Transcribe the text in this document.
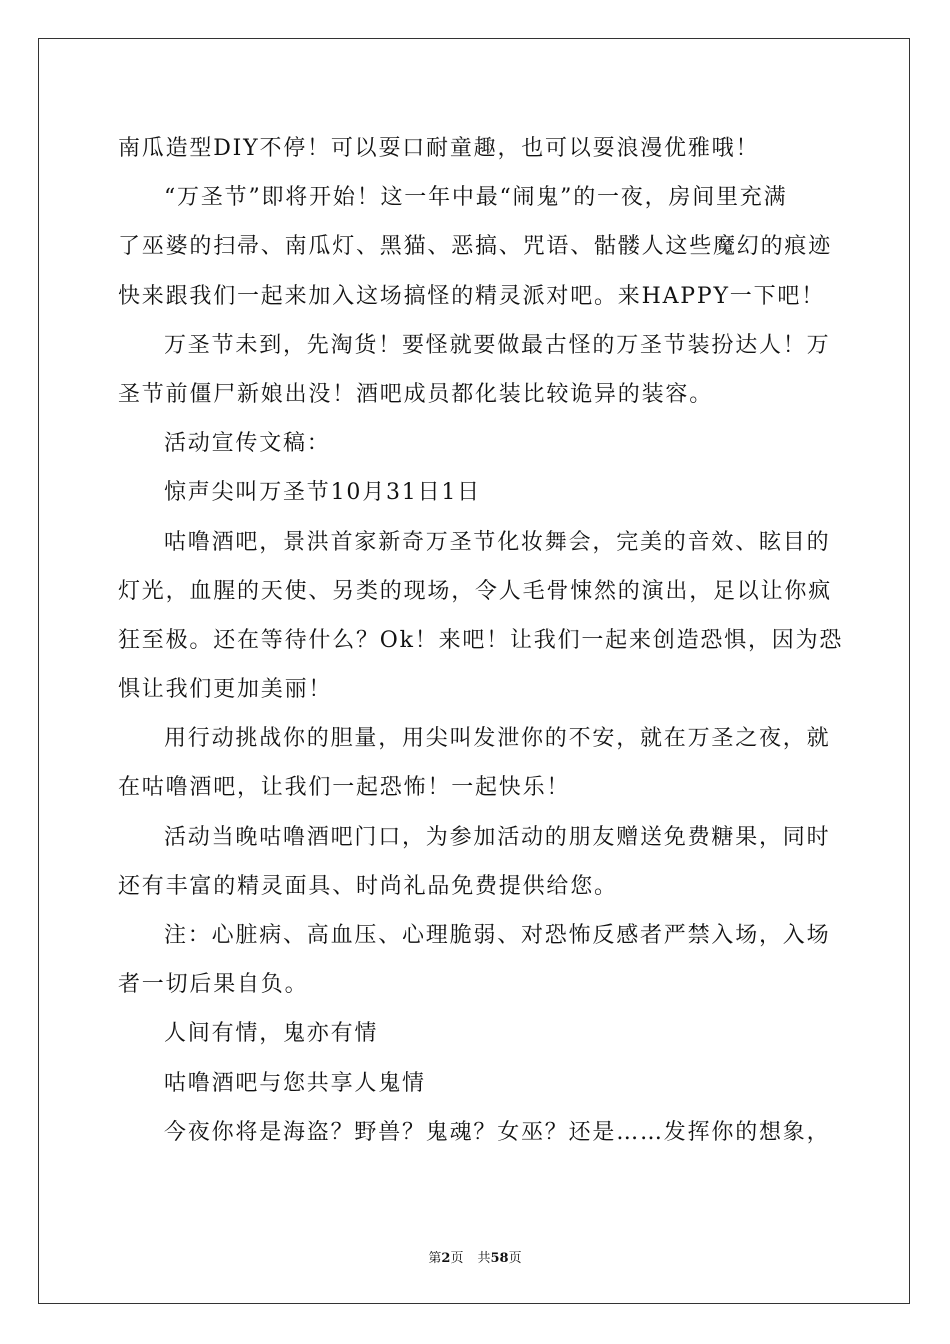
南瓜造型DIY不停！可以耍口耐童趣，也可以耍浪漫优雅哦！
“万圣节”即将开始！这一年中最“闹鬼”的一夜，房间里充满
了巫婆的扫帚、南瓜灯、黑猫、恶搞、咒语、骷髅人这些魔幻的痕迹
快来跟我们一起来加入这场搞怪的精灵派对吧。来HAPPY一下吧！
万圣节未到，先淘货！要怪就要做最古怪的万圣节装扮达人！万
圣节前僵尸新娘出没！酒吧成员都化装比较诡异的装容。
活动宣传文稿：
惊声尖叫万圣节10月31日1日
咕噜酒吧，景洪首家新奇万圣节化妆舞会，完美的音效、眩目的
灯光，血腥的天使、另类的现场，令人毛骨悚然的演出，足以让你疯
狂至极。还在等待什么？Ok！来吧！让我们一起来创造恐惧，因为恐
惧让我们更加美丽！
用行动挑战你的胆量，用尖叫发泄你的不安，就在万圣之夜，就
在咕噜酒吧，让我们一起恐怖！一起快乐！
活动当晚咕噜酒吧门口，为参加活动的朋友赠送免费糖果，同时
还有丰富的精灵面具、时尚礼品免费提供给您。
注：心脏病、高血压、心理脆弱、对恐怖反感者严禁入场，入场
者一切后果自负。
人间有情，鬼亦有情
咕噜酒吧与您共享人鬼情
今夜你将是海盗？野兽？鬼魂？女巫？还是……发挥你的想象，
第2页 共58页
